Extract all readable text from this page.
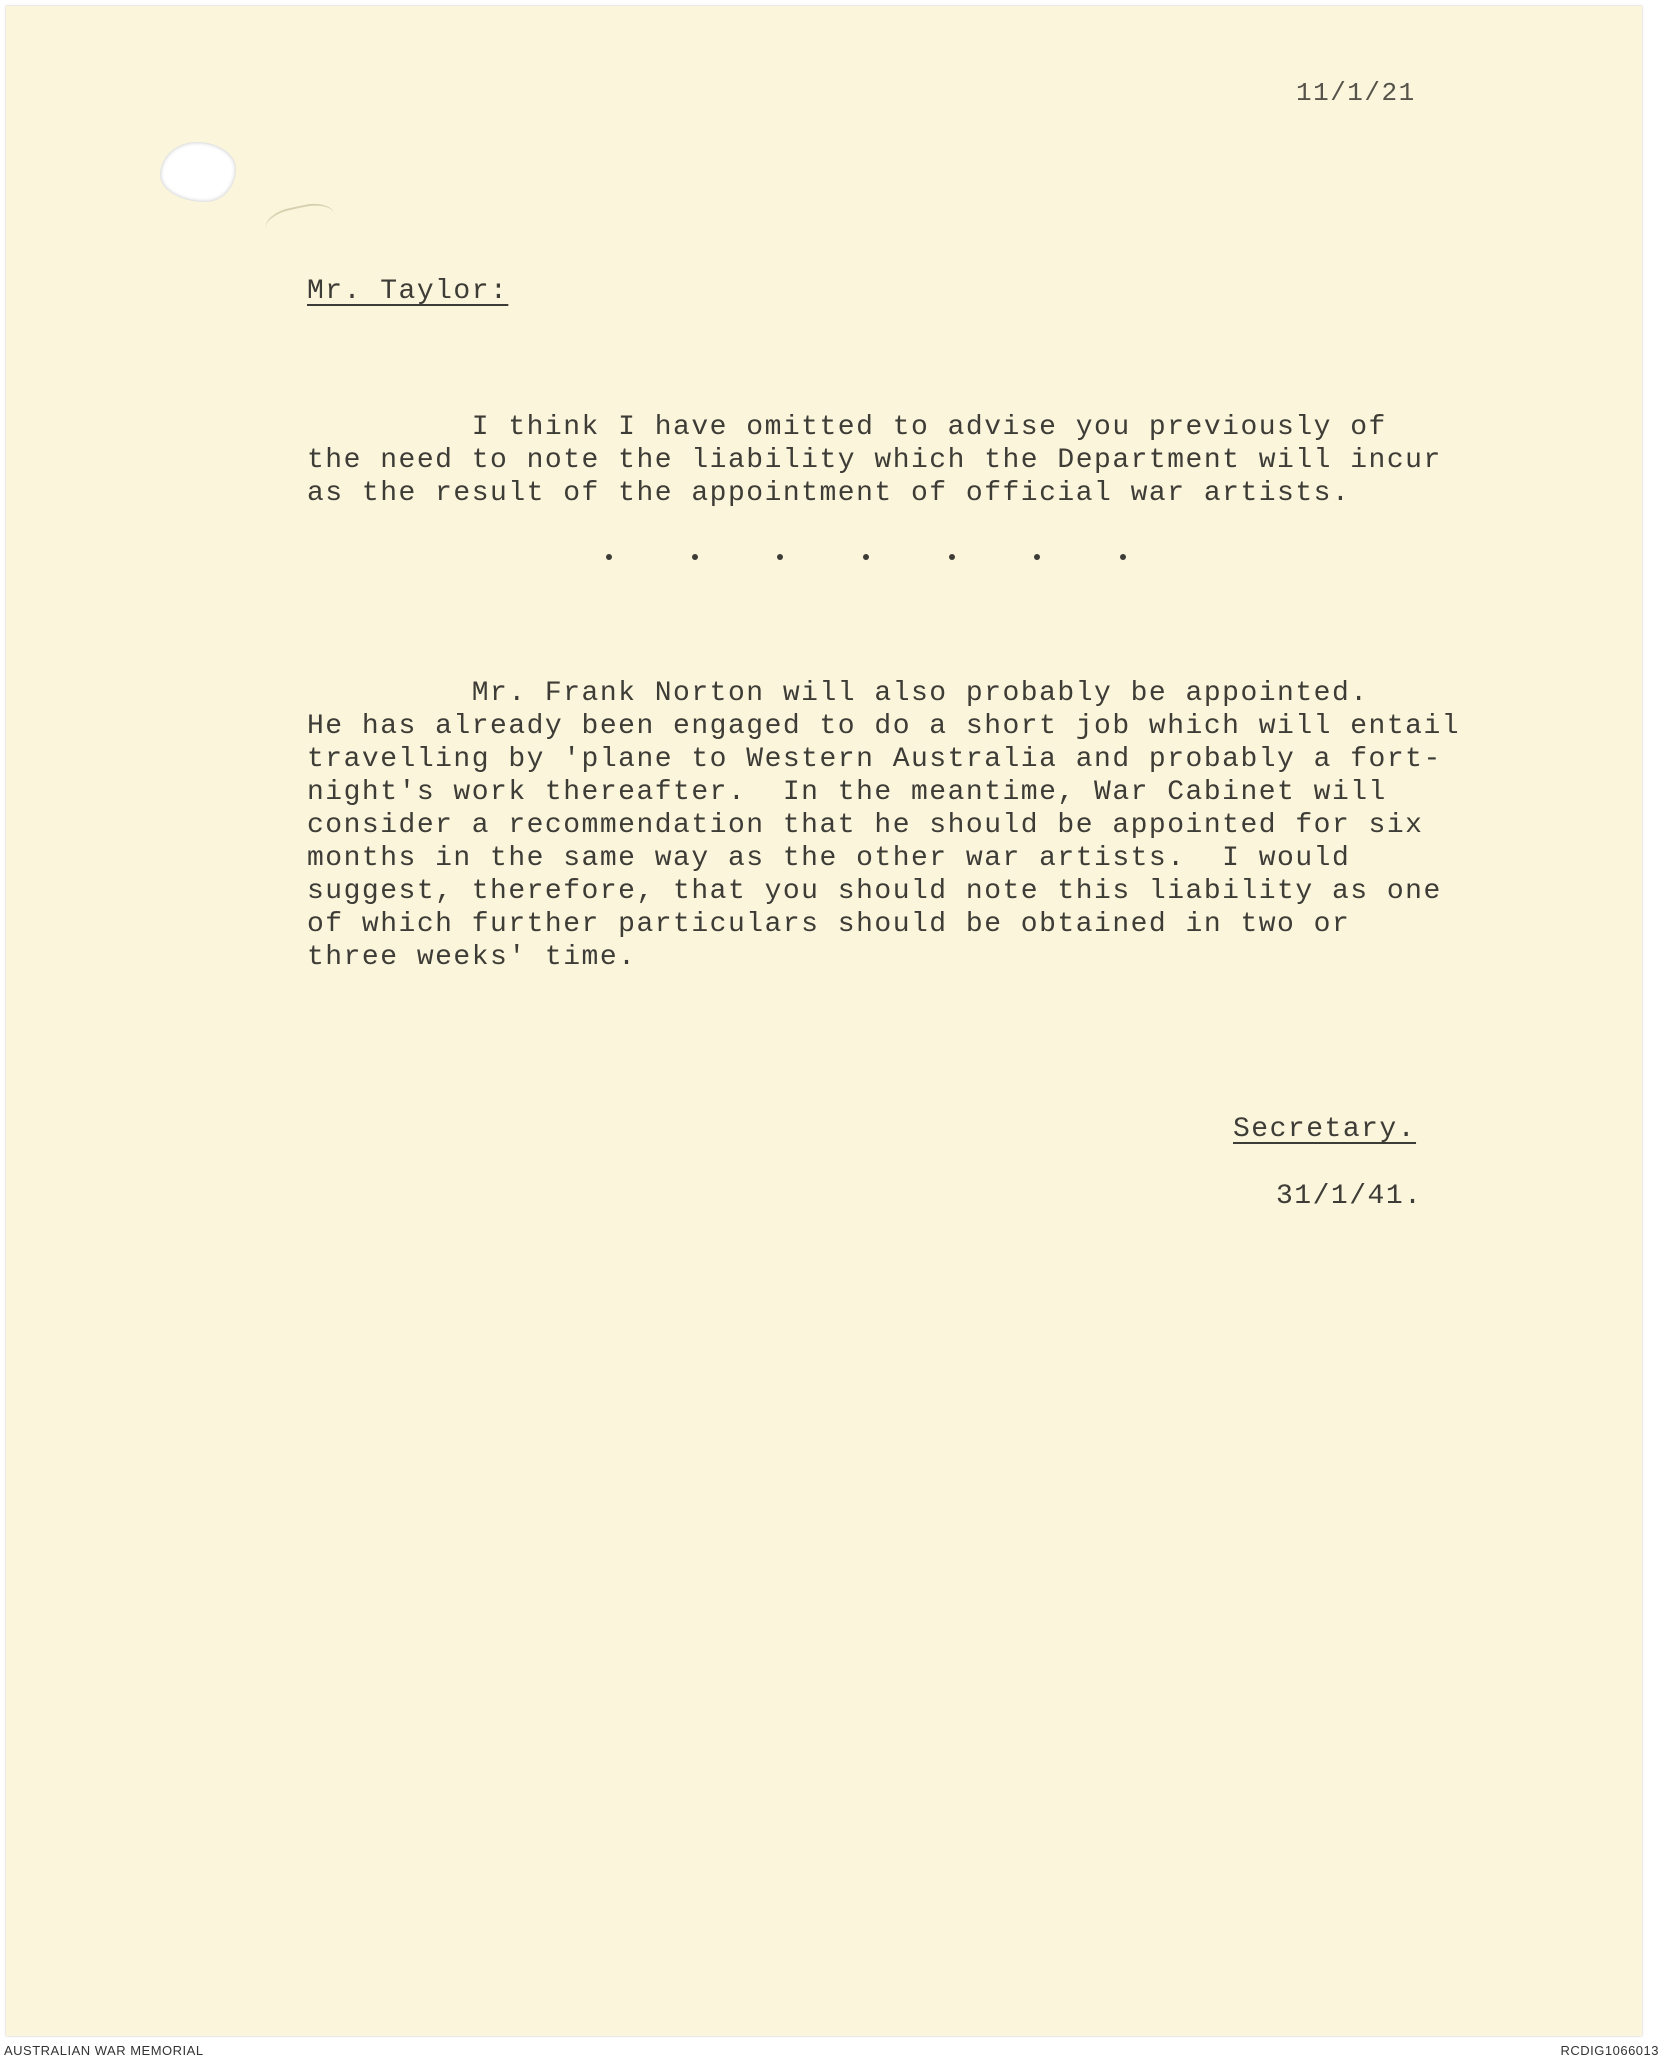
11/1/21
Mr. Taylor:
I think I have omitted to advise you previously of
the need to note the liability which the Department will incur
as the result of the appointment of official war artists.
Mr. Frank Norton will also probably be appointed.
He has already been engaged to do a short job which will entail
travelling by 'plane to Western Australia and probably a fort-
night's work thereafter.  In the meantime, War Cabinet will
consider a recommendation that he should be appointed for six
months in the same way as the other war artists.  I would
suggest, therefore, that you should note this liability as one
of which further particulars should be obtained in two or
three weeks' time.
Secretary.
31/1/41.
AUSTRALIAN WAR MEMORIAL	RCDIG1066013
